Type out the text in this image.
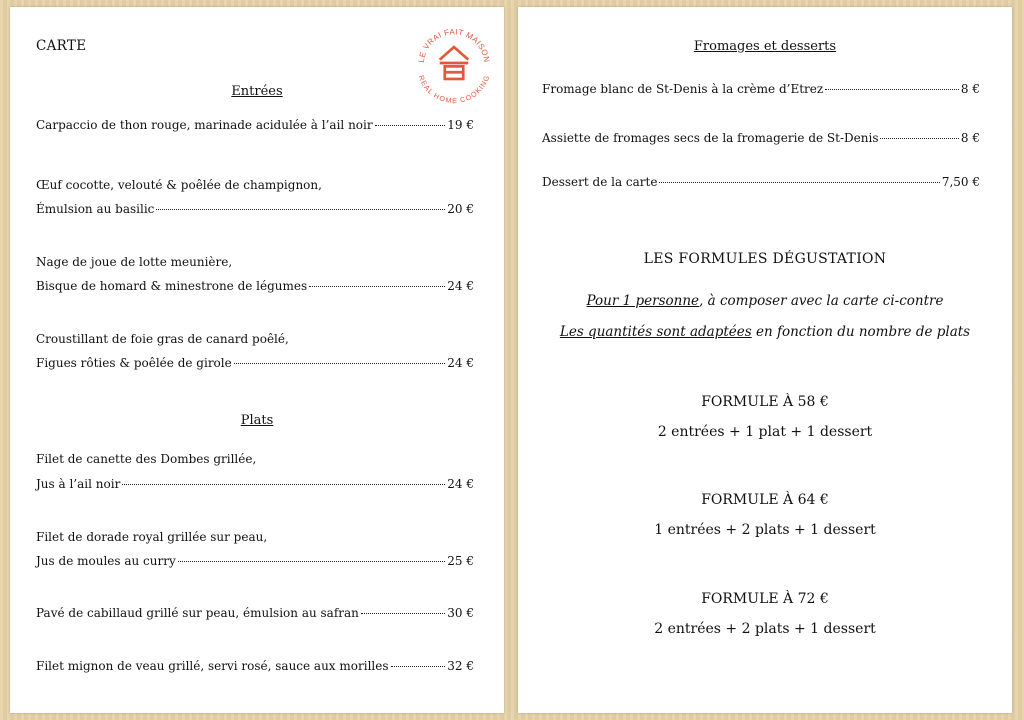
CARTE
LE VRAI FAIT MAISON
REAL HOME COOKING
Entrées
Carpaccio de thon rouge, marinade acidulée à l’ail noir	19 €
Œuf cocotte, velouté & poêlée de champignon,
Émulsion au basilic	20 €
Nage de joue de lotte meunière,
Bisque de homard & minestrone de légumes	24 €
Croustillant de foie gras de canard poêlé,
Figues rôties & poêlée de girole	24 €
Plats
Filet de canette des Dombes grillée,
Jus à l’ail noir	24 €
Filet de dorade royal grillée sur peau,
Jus de moules au curry	25 €
Pavé de cabillaud grillé sur peau, émulsion au safran	30 €
Filet mignon de veau grillé, servi rosé, sauce aux morilles	32 €
Fromages et desserts
Fromage blanc de St-Denis à la crème d’Etrez	8 €
Assiette de fromages secs de la fromagerie de St-Denis	8 €
Dessert de la carte	7,50 €
LES FORMULES DÉGUSTATION
Pour 1 personne, à composer avec la carte ci-contre
Les quantités sont adaptées en fonction du nombre de plats
FORMULE À 58 €
2 entrées + 1 plat + 1 dessert
FORMULE À 64 €
1 entrées + 2 plats + 1 dessert
FORMULE À 72 €
2 entrées + 2 plats + 1 dessert
